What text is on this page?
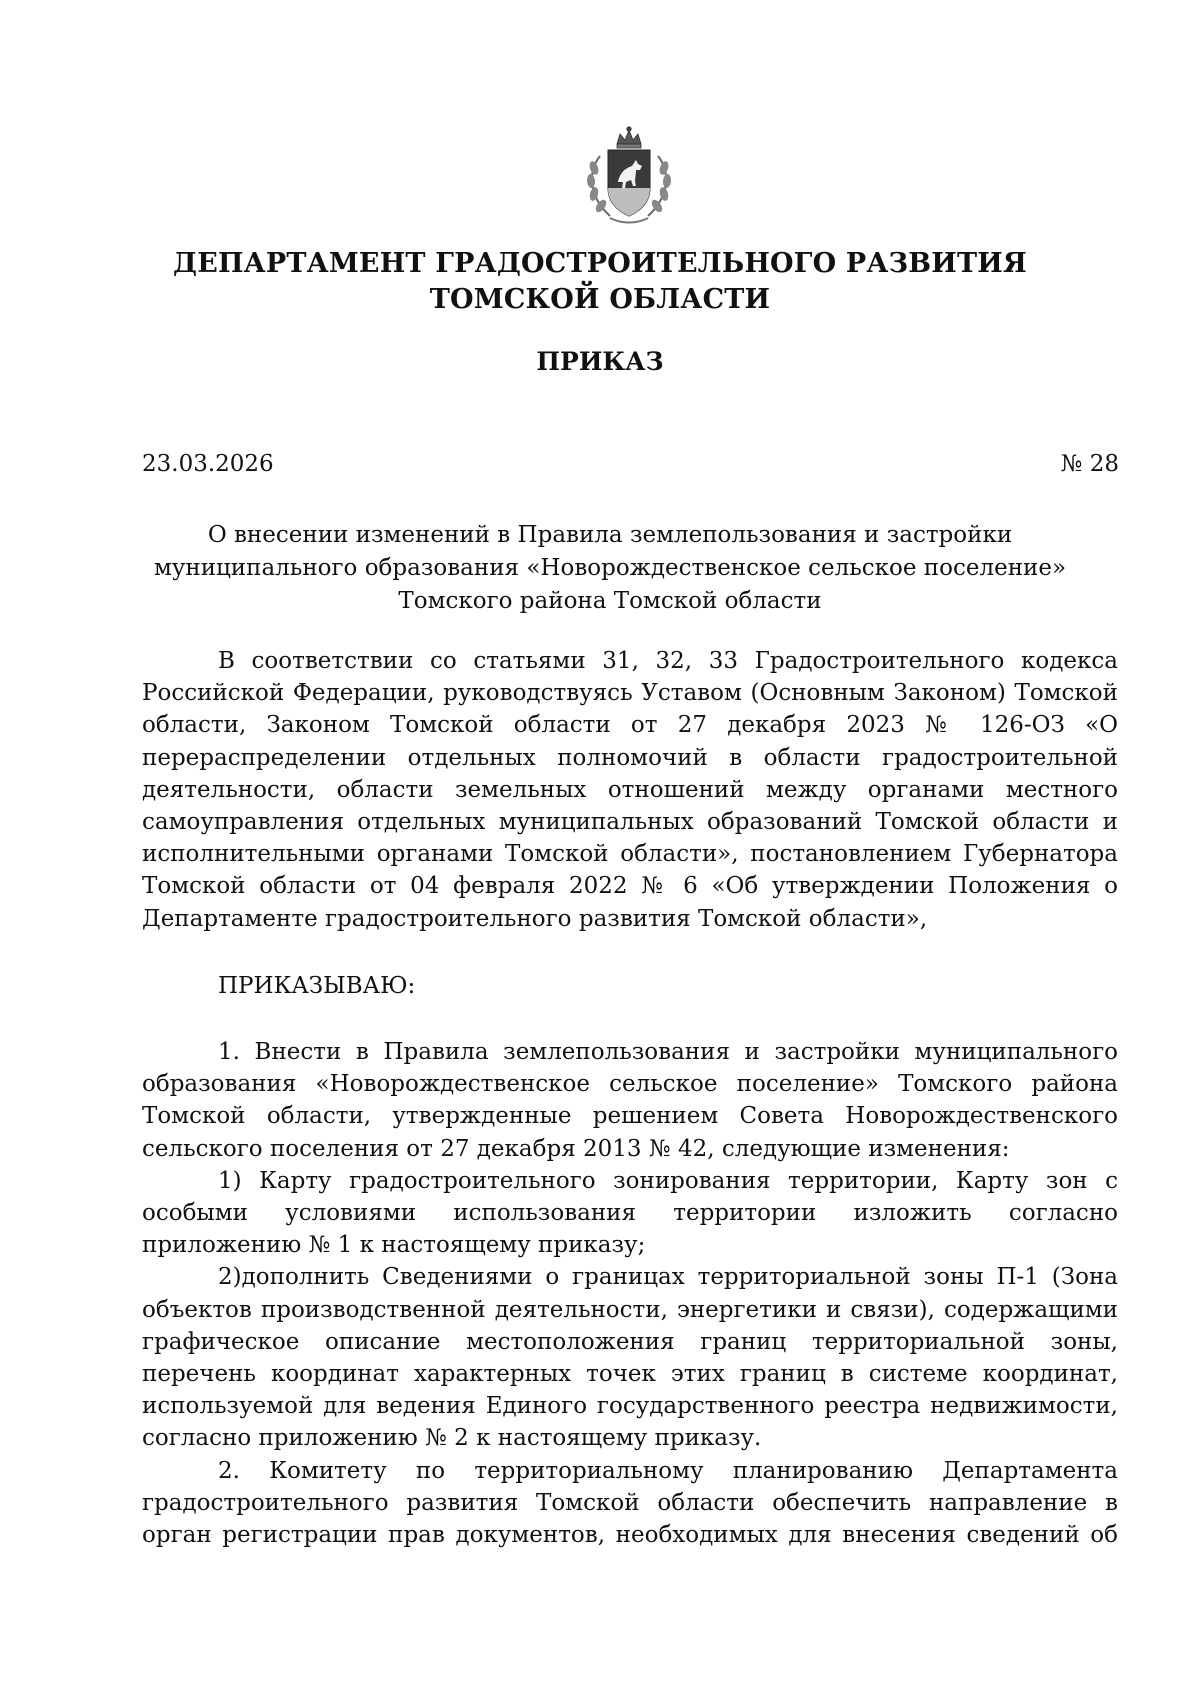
ДЕПАРТАМЕНТ ГРАДОСТРОИТЕЛЬНОГО РАЗВИТИЯ
ТОМСКОЙ ОБЛАСТИ
ПРИКАЗ
23.03.2026	№ 28
О внесении изменений в Правила землепользования и застройки
муниципального образования «Новорождественское сельское поселение»
Томского района Томской области

В соответствии со статьями 31, 32, 33 Градостроительного кодекса Российской Федерации, руководствуясь Уставом (Основным Законом) Томской области, Законом Томской области от 27 декабря 2023 № 126-ОЗ «О перераспределении отдельных полномочий в области градостроительной деятельности, области земельных отношений между органами местного самоуправления отдельных муниципальных образований Томской области и исполнительными органами Томской области», постановлением Губернатора Томской области от 04 февраля 2022 № 6 «Об утверждении Положения о Департаменте градостроительного развития Томской области»,

ПРИКАЗЫВАЮ:

1. Внести в Правила землепользования и застройки муниципального образования «Новорождественское сельское поселение» Томского района Томской области, утвержденные решением Совета Новорождественского сельского поселения от 27 декабря 2013 № 42, следующие изменения:

1) Карту градостроительного зонирования территории, Карту зон с особыми условиями использования территории изложить согласно приложению № 1 к настоящему приказу;

2)дополнить Сведениями о границах территориальной зоны П-1 (Зона объектов производственной деятельности, энергетики и связи), содержащими графическое описание местоположения границ территориальной зоны, перечень координат характерных точек этих границ в системе координат, используемой для ведения Единого государственного реестра недвижимости, согласно приложению № 2 к настоящему приказу.

2. Комитету по территориальному планированию Департамента градостроительного развития Томской области обеспечить направление в орган регистрации прав документов, необходимых для внесения сведений об
